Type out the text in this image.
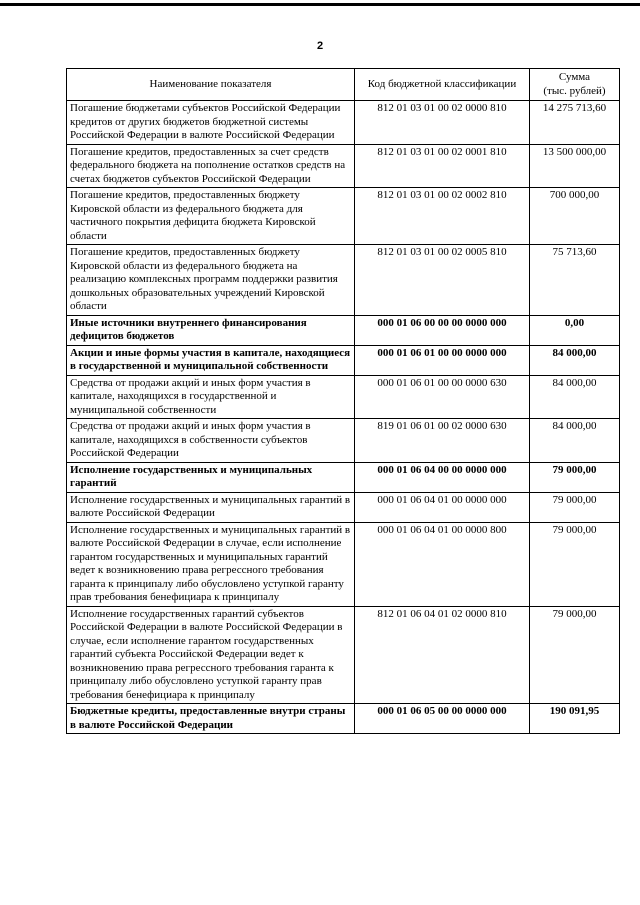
2
Наименование показателя	Код бюджетной классификации	Сумма
(тыс. рублей)
Погашение бюджетами субъектов Российской Федерации кредитов от других бюджетов бюджетной системы Российской Федерации в валюте Российской Федерации	812 01 03 01 00 02 0000 810	14 275 713,60
Погашение кредитов, предоставленных за счет средств федерального бюджета на пополнение остатков средств на счетах бюджетов субъектов Российской Федерации	812 01 03 01 00 02 0001 810	13 500 000,00
Погашение кредитов, предоставленных бюджету Кировской области из федерального бюджета для частичного покрытия дефицита бюджета Кировской области	812 01 03 01 00 02 0002 810	700 000,00
Погашение кредитов, предоставленных бюджету Кировской области из федерального бюджета на реализацию комплексных программ поддержки развития дошкольных образовательных учреждений Кировской области	812 01 03 01 00 02 0005 810	75 713,60
Иные источники внутреннего финансирования дефицитов бюджетов	000 01 06 00 00 00 0000 000	0,00
Акции и иные формы участия в капитале, находящиеся в государственной и муниципальной собственности	000 01 06 01 00 00 0000 000	84 000,00
Средства от продажи акций и иных форм участия в капитале, находящихся в государственной и муниципальной собственности	000 01 06 01 00 00 0000 630	84 000,00
Средства от продажи акций и иных форм участия в капитале, находящихся в собственности субъектов Российской Федерации	819 01 06 01 00 02 0000 630	84 000,00
Исполнение государственных и муниципальных гарантий	000 01 06 04 00 00 0000 000	79 000,00
Исполнение государственных и муниципальных гарантий в валюте Российской Федерации	000 01 06 04 01 00 0000 000	79 000,00
Исполнение государственных и муниципальных гарантий в валюте Российской Федерации в случае, если исполнение гарантом государственных и муниципальных гарантий ведет к возникновению права регрессного требования гаранта к принципалу либо обусловлено уступкой гаранту прав требования бенефициара к принципалу	000 01 06 04 01 00 0000 800	79 000,00
Исполнение государственных гарантий субъектов Российской Федерации в валюте Российской Федерации в случае, если исполнение гарантом государственных гарантий субъекта Российской Федерации ведет к возникновению права регрессного требования гаранта к принципалу либо обусловлено уступкой гаранту прав требования бенефициара к принципалу	812 01 06 04 01 02 0000 810	79 000,00
Бюджетные кредиты, предоставленные внутри страны в валюте Российской Федерации	000 01 06 05 00 00 0000 000	190 091,95
